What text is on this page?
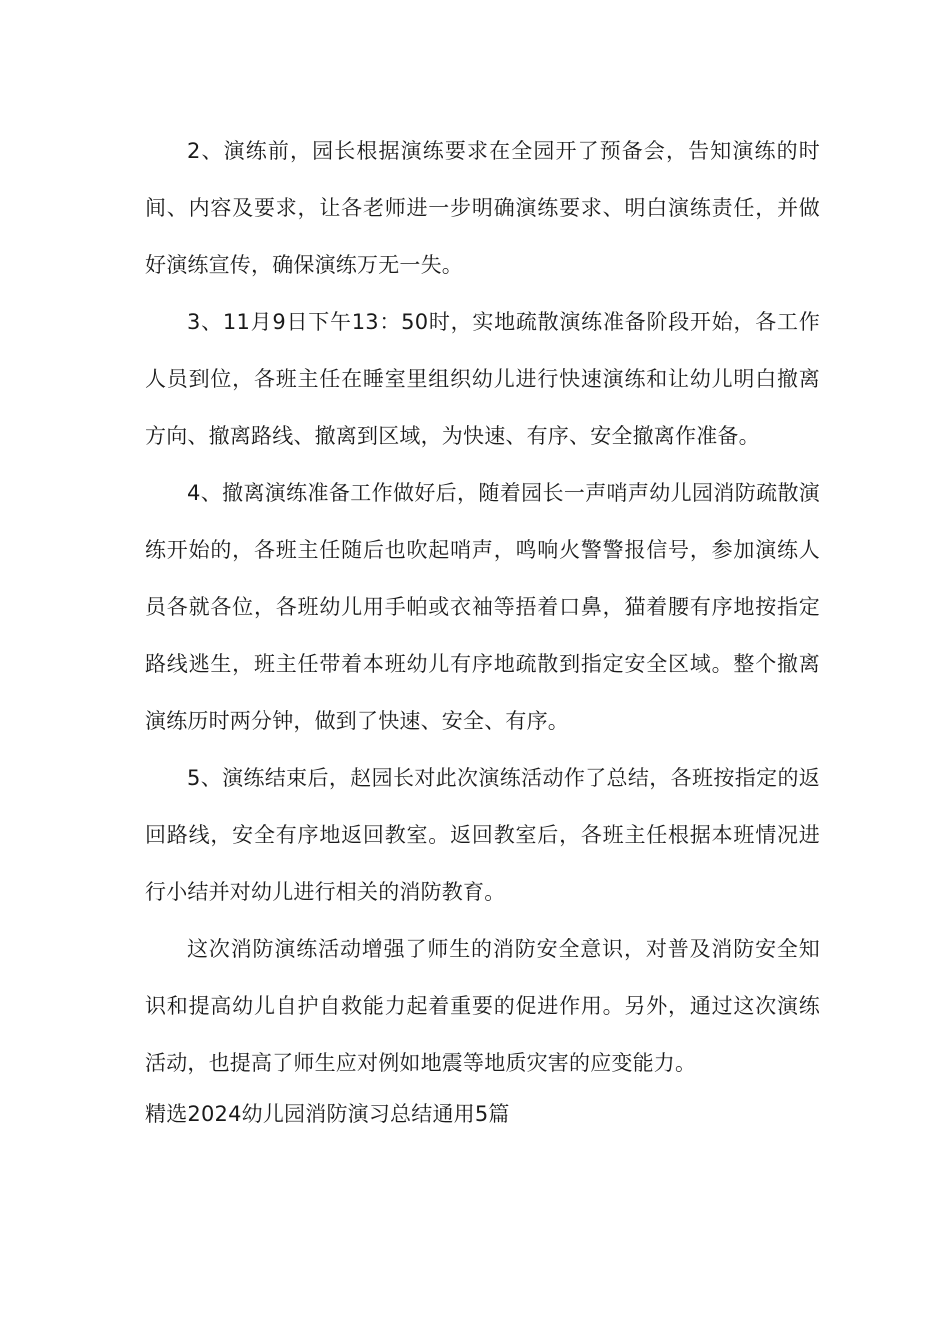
2、演练前，园长根据演练要求在全园开了预备会，告知演练的时间、内容及要求，让各老师进一步明确演练要求、明白演练责任，并做好演练宣传，确保演练万无一失。

3、11月9日下午13：50时，实地疏散演练准备阶段开始，各工作人员到位，各班主任在睡室里组织幼儿进行快速演练和让幼儿明白撤离方向、撤离路线、撤离到区域，为快速、有序、安全撤离作准备。

4、撤离演练准备工作做好后，随着园长一声哨声幼儿园消防疏散演练开始的，各班主任随后也吹起哨声，鸣响火警警报信号，参加演练人员各就各位，各班幼儿用手帕或衣袖等捂着口鼻，猫着腰有序地按指定路线逃生，班主任带着本班幼儿有序地疏散到指定安全区域。整个撤离演练历时两分钟，做到了快速、安全、有序。

5、演练结束后，赵园长对此次演练活动作了总结，各班按指定的返回路线，安全有序地返回教室。返回教室后，各班主任根据本班情况进行小结并对幼儿进行相关的消防教育。

这次消防演练活动增强了师生的消防安全意识，对普及消防安全知识和提高幼儿自护自救能力起着重要的促进作用。另外，通过这次演练活动，也提高了师生应对例如地震等地质灾害的应变能力。

精选2024幼儿园消防演习总结通用5篇
